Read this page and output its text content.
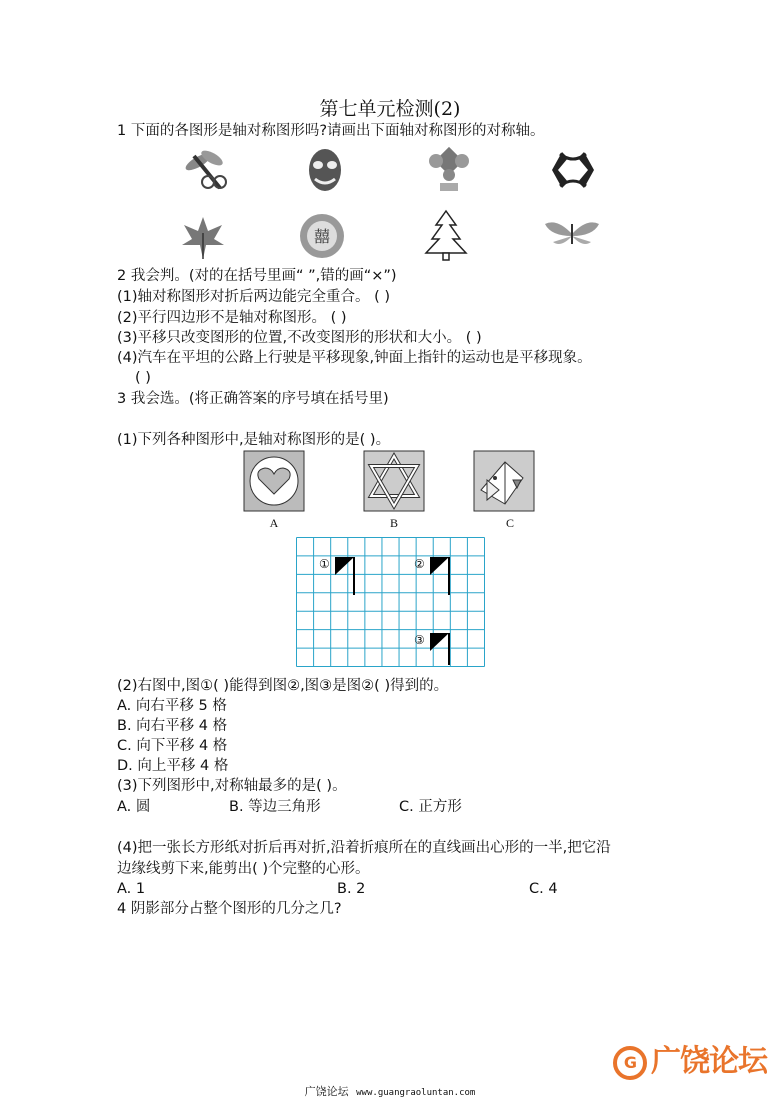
第七单元检测(2)
1 下面的各图形是轴对称图形吗?请画出下面轴对称图形的对称轴。
囍
2 我会判。(对的在括号里画“ ”,错的画“×”)
(1)轴对称图形对折后两边能完全重合。 ( )
(2)平行四边形不是轴对称图形。 ( )
(3)平移只改变图形的位置,不改变图形的形状和大小。 ( )
(4)汽车在平坦的公路上行驶是平移现象,钟面上指针的运动也是平移现象。
( )
3 我会选。(将正确答案的序号填在括号里)
(1)下列各种图形中,是轴对称图形的是( )。
A	B	C
①	②
③
(2)右图中,图①( )能得到图②,图③是图②( )得到的。
A. 向右平移 5 格
B. 向右平移 4 格
C. 向下平移 4 格
D. 向上平移 4 格
(3)下列图形中,对称轴最多的是( )。
A. 圆	B. 等边三角形	C. 正方形
(4)把一张长方形纸对折后再对折,沿着折痕所在的直线画出心形的一半,把它沿
边缘线剪下来,能剪出( )个完整的心形。
A. 1	B. 2	C. 4
4 阴影部分占整个图形的几分之几?
G 广饶论坛
广饶论坛 www.guangraoluntan.com
